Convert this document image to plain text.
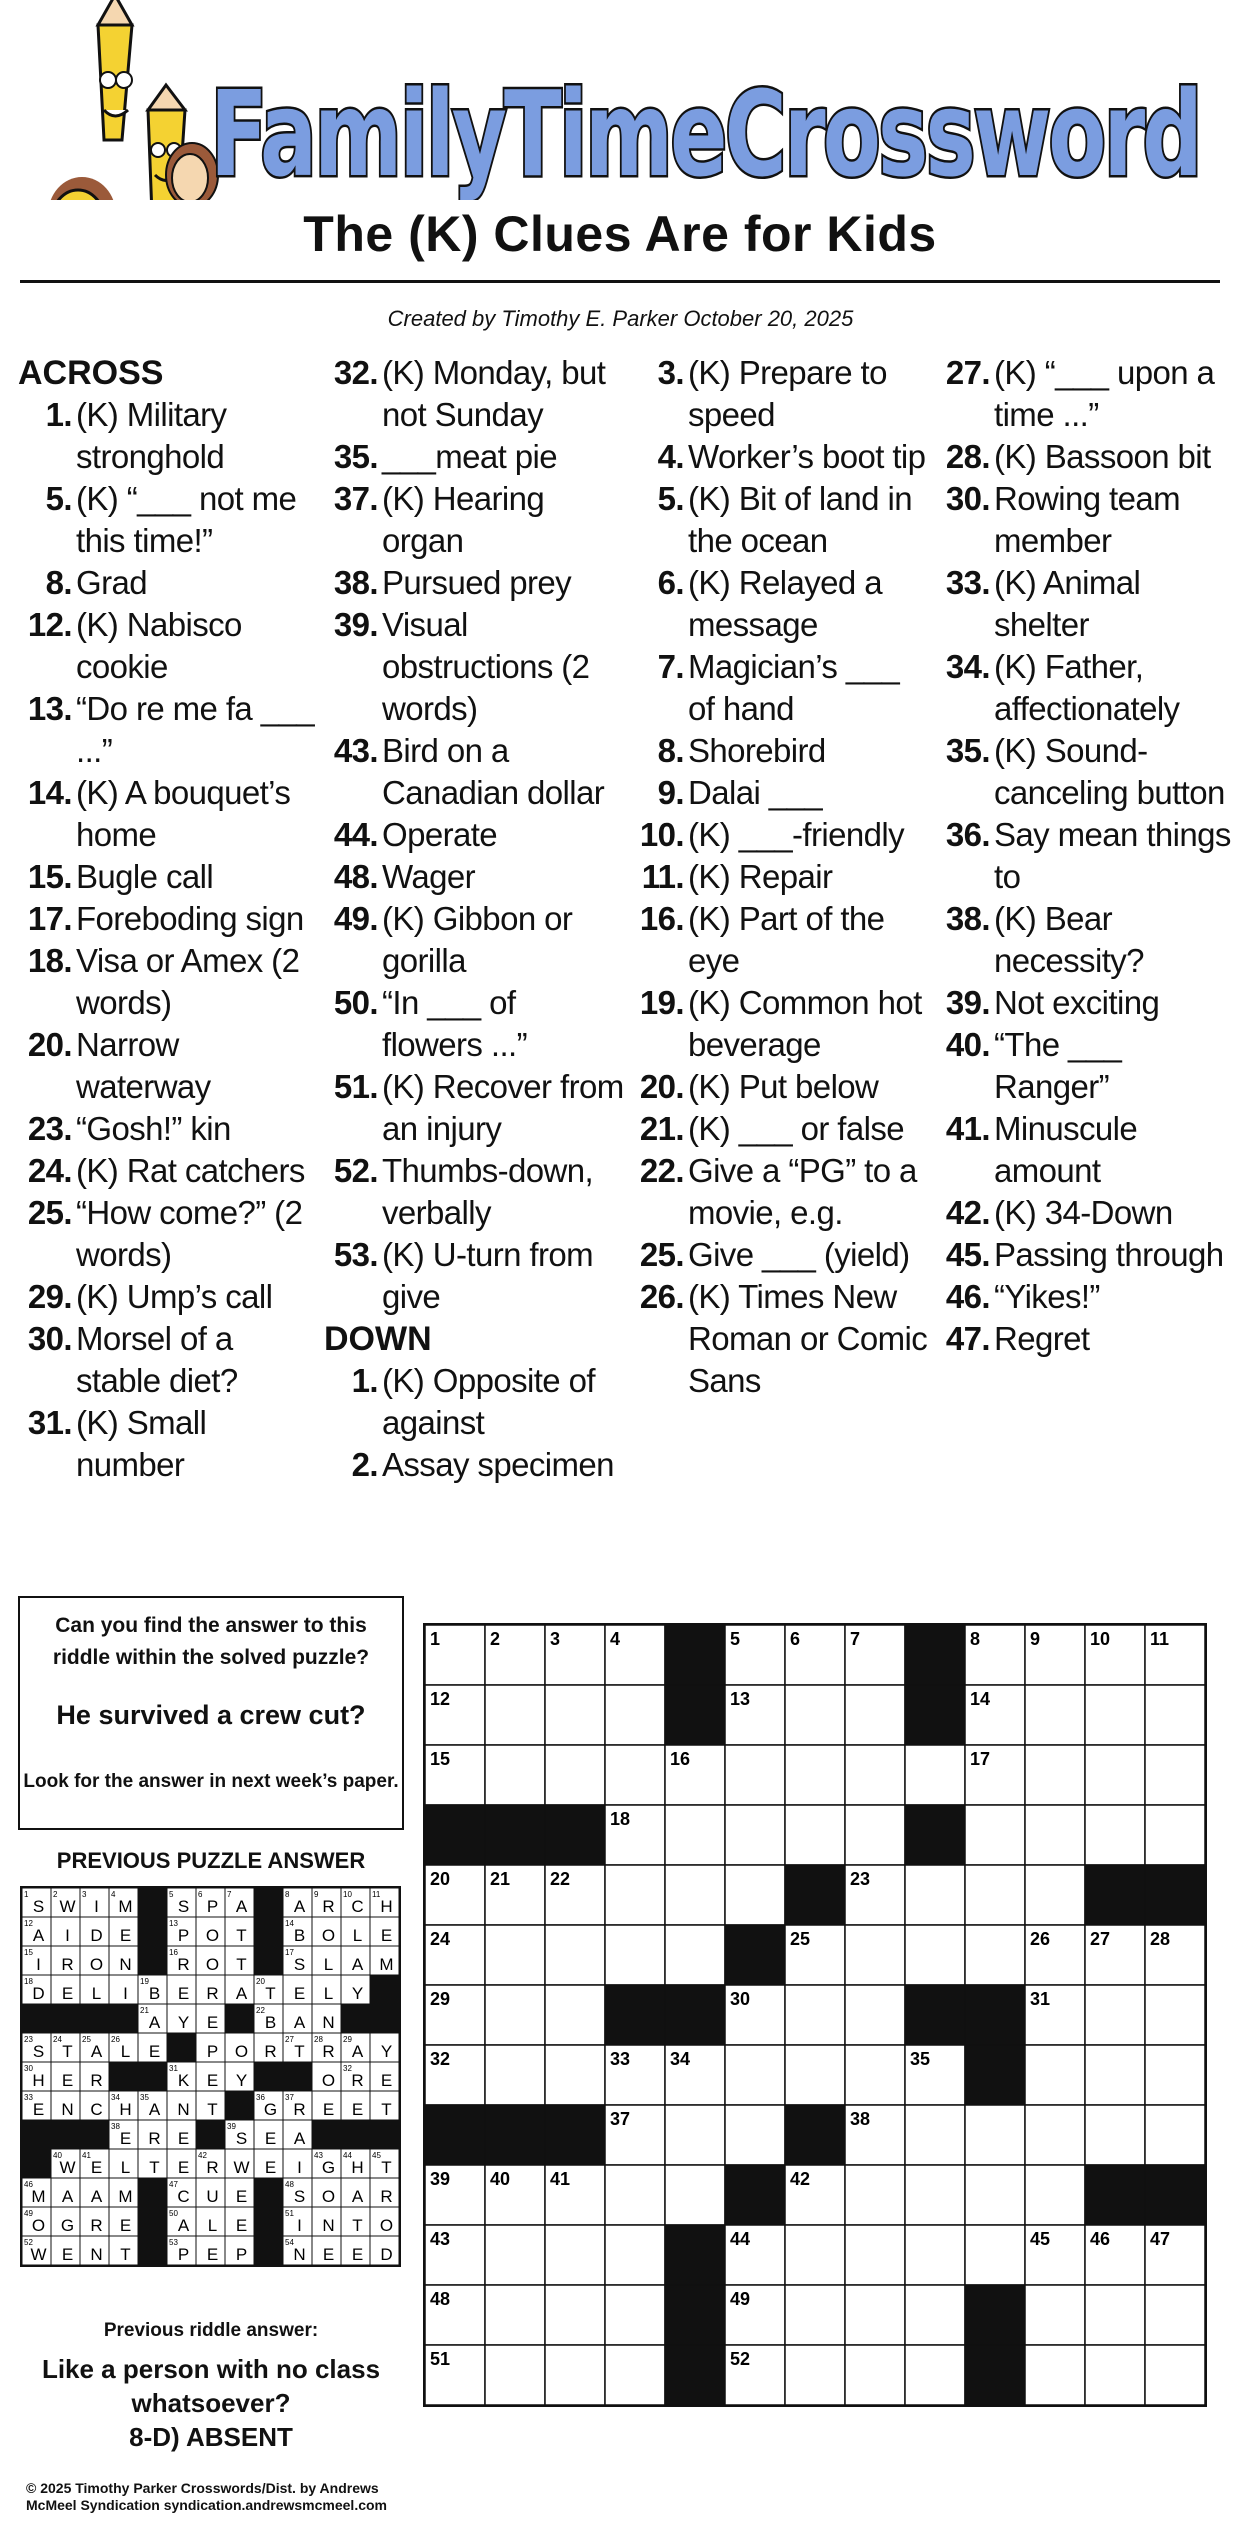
FamilyTimeCrossword
The (K) Clues Are for Kids
Created by Timothy E. Parker October 20, 2025
ACROSS
1. (K) Military stronghold
5. (K) “___ not me this time!”
8. Grad
12. (K) Nabisco cookie
13. “Do re me fa ___ ...”
14. (K) A bouquet’s home
15. Bugle call
17. Foreboding sign
18. Visa or Amex (2 words)
20. Narrow waterway
23. “Gosh!” kin
24. (K) Rat catchers
25. “How come?” (2 words)
29. (K) Ump’s call
30. Morsel of a stable diet?
31. (K) Small number
32. (K) Monday, but not Sunday
35. ___meat pie
37. (K) Hearing organ
38. Pursued prey
39. Visual obstructions (2 words)
43. Bird on a Canadian dollar
44. Operate
48. Wager
49. (K) Gibbon or gorilla
50. “In ___ of flowers ...”
51. (K) Recover from an injury
52. Thumbs-down, verbally
53. (K) U-turn from give
DOWN
1. (K) Opposite of against
2. Assay specimen
3. (K) Prepare to speed
4. Worker’s boot tip
5. (K) Bit of land in the ocean
6. (K) Relayed a message
7. Magician’s ___ of hand
8. Shorebird
9. Dalai ___
10. (K) ___-friendly
11. (K) Repair
16. (K) Part of the eye
19. (K) Common hot beverage
20. (K) Put below
21. (K) ___ or false
22. Give a “PG” to a movie, e.g.
25. Give ___ (yield)
26. (K) Times New Roman or Comic Sans
27. (K) “___ upon a time ...”
28. (K) Bassoon bit
30. Rowing team member
33. (K) Animal shelter
34. (K) Father, affectionately
35. (K) Sound-canceling button
36. Say mean things to
38. (K) Bear necessity?
39. Not exciting
40. “The ___ Ranger”
41. Minuscule amount
42. (K) 34-Down
45. Passing through
46. “Yikes!”
47. Regret
Can you find the answer to this riddle within the solved puzzle?
He survived a crew cut?
Look for the answer in next week’s paper.
PREVIOUS PUZZLE ANSWER
1
S
2
W
3
I
4
M
5
S
6
P
7
A
8
A
9
R
10
C
11
H
12
A I D E
13
P O T
14
B O L E
15
I R O N
16
R O T
17
S L A M
18
D E L I
19
B E R A
20
T E L Y
21
A Y E
22
B A N
23
S
24
T
25
A
26
L E	P O R
27
T
28
R
29
A Y
30
H E R
31
K E Y	O
32
R E
33
E N C
34
H
35
A N T
36
G
37
R E E T
38
E R E
39
S E A
40
W
41
E L T E
42
R W E I
43
G
44
H
45
T
46
M A A M
47
C U E
48
S O A R
49
O G R E
50
A L E
51
I N T O
52
W E N T
53
P E P
54
N E E D
Previous riddle answer:
Like a person with no class whatsoever?
8-D) ABSENT
© 2025 Timothy Parker Crosswords/Dist. by Andrews McMeel Syndication syndication.andrewsmcmeel.com
1	2	3	4	5	6	7	8	9	10 11
12	13	14
15	16	17
18
20 21 22	23
24	25	26 27 28
29	30	31
32	33 34	35
37	38
39 40 41	42
43	44	45 46 47
48	49
51	52
